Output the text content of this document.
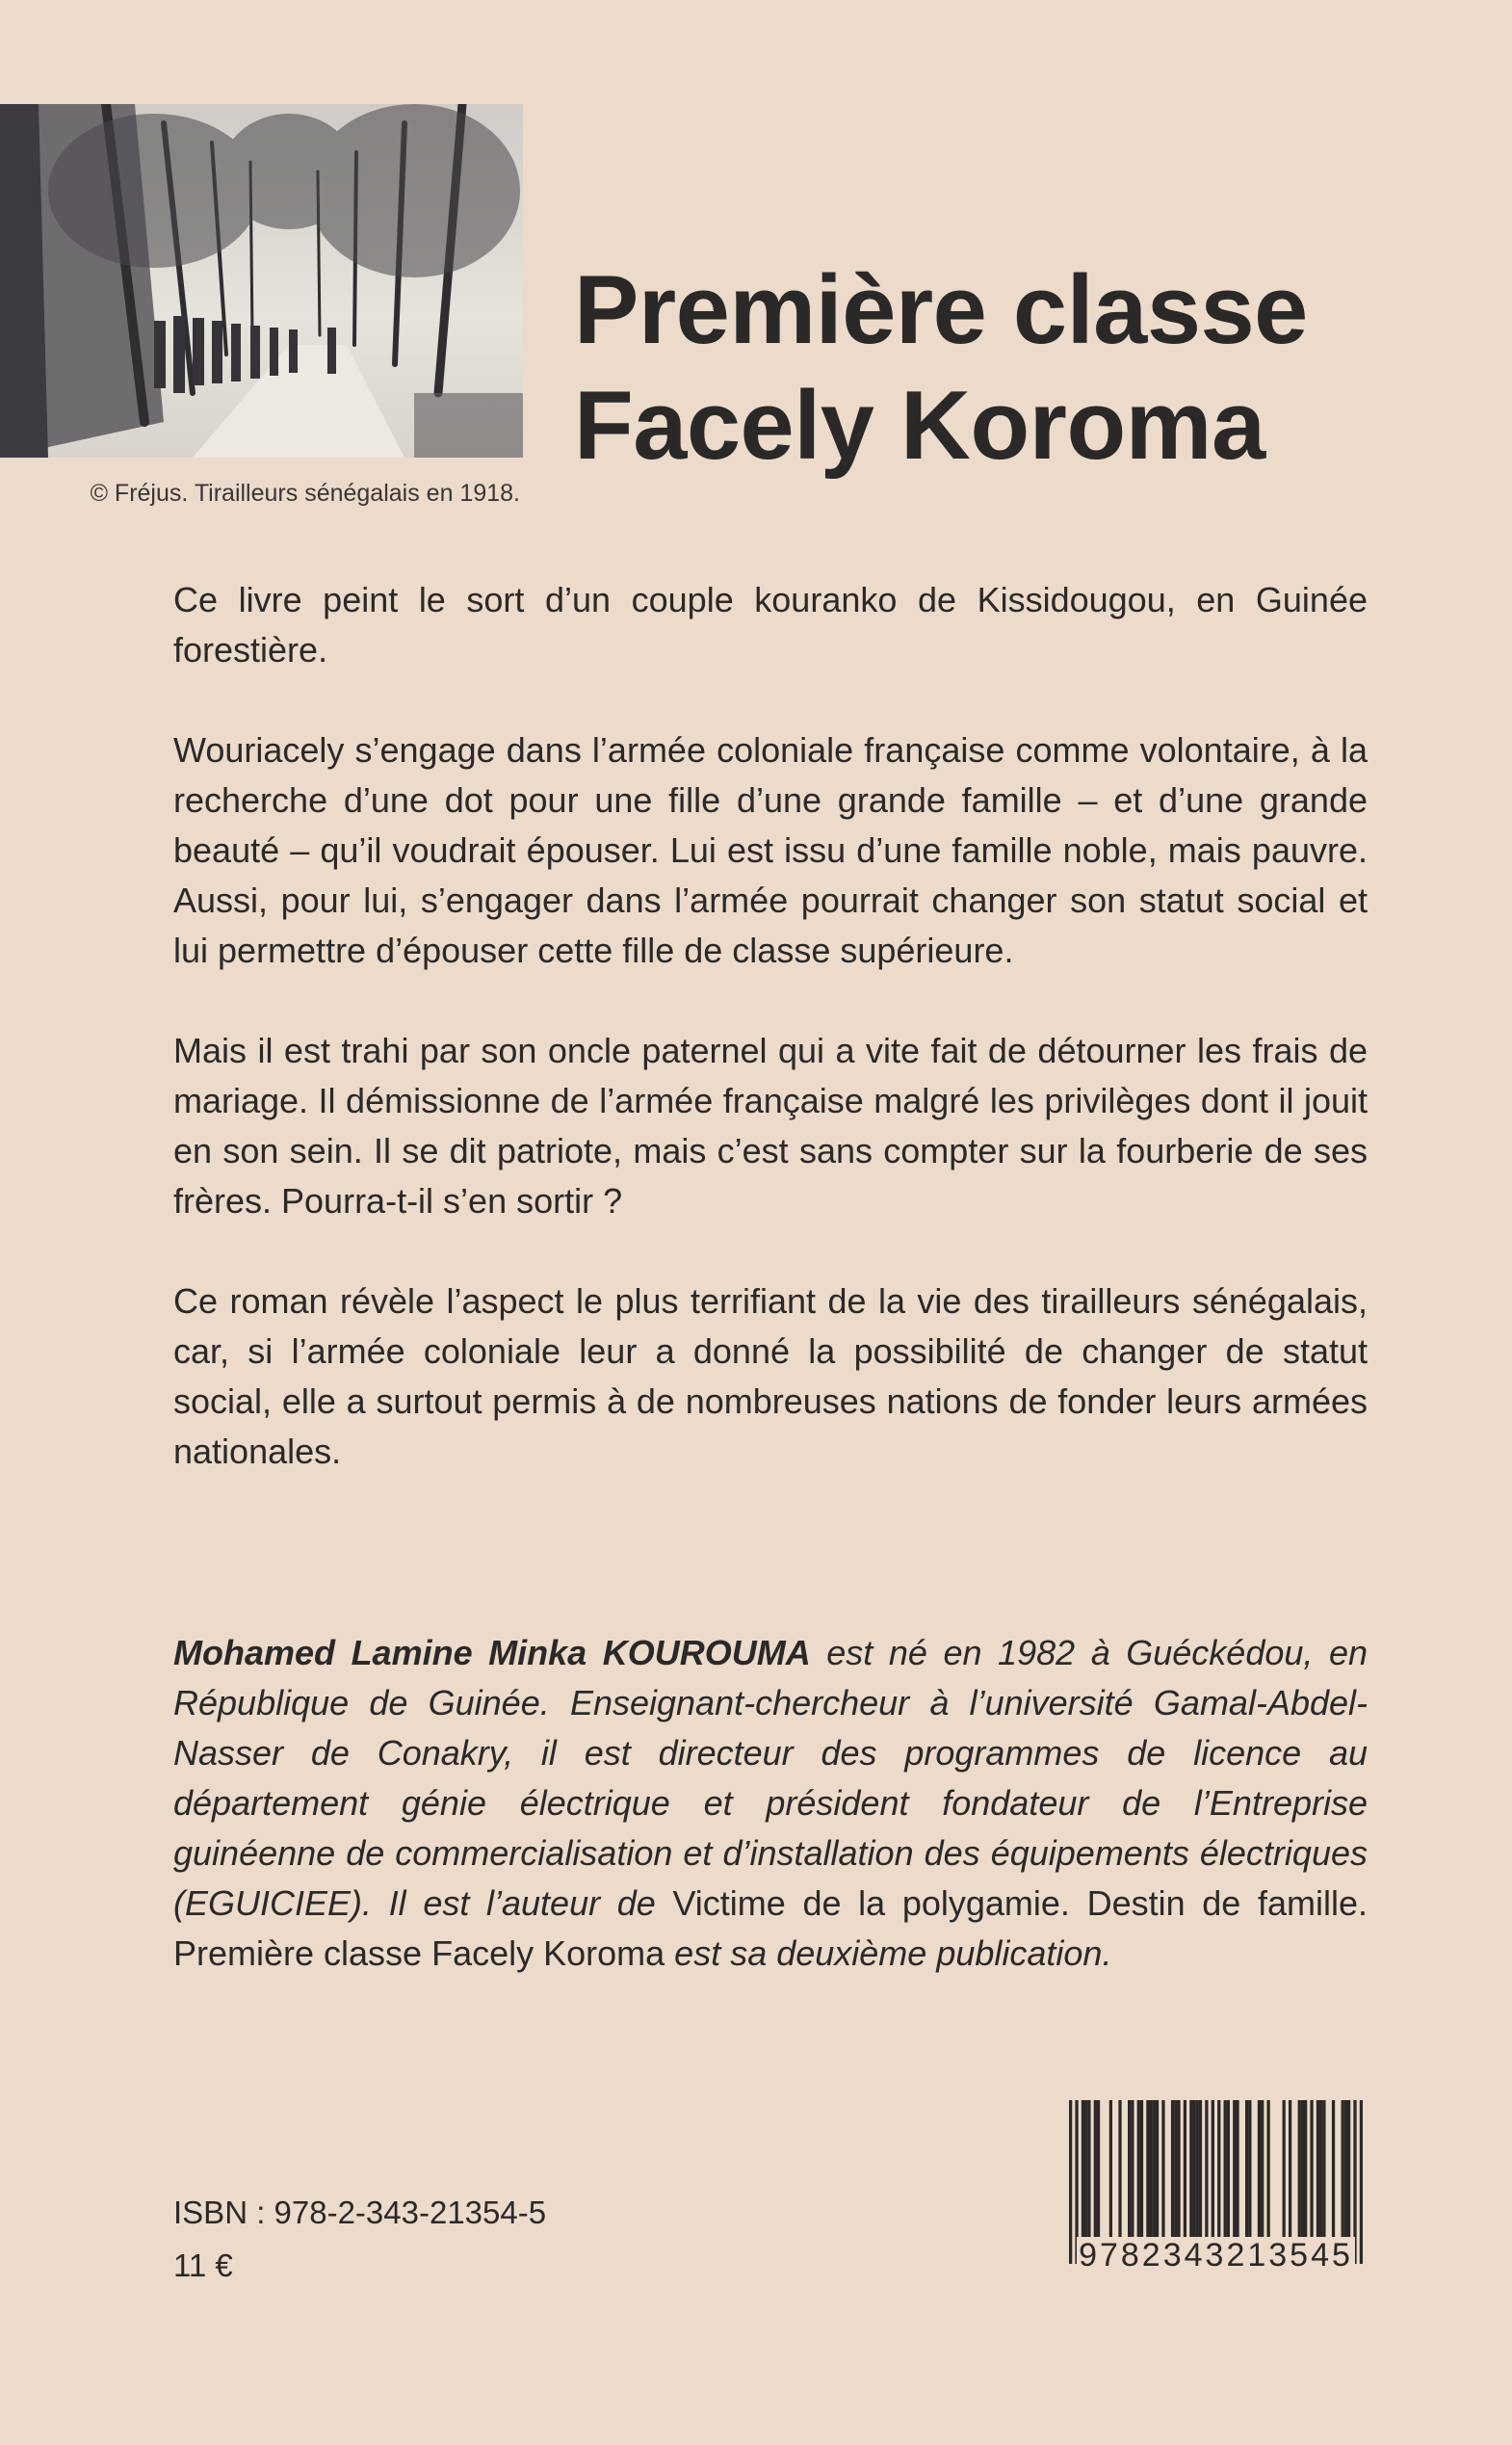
© Fréjus. Tirailleurs sénégalais en 1918.
Première classe
Facely Koroma

Ce livre peint le sort d’un couple kouranko de Kissidougou, en Guinée forestière.

Wouriacely s’engage dans l’armée coloniale française comme volontaire, à la recherche d’une dot pour une fille d’une grande famille – et d’une grande beauté – qu’il voudrait épouser. Lui est issu d’une famille noble, mais pauvre. Aussi, pour lui, s’engager dans l’armée pourrait changer son statut social et lui permettre d’épouser cette fille de classe supérieure.

Mais il est trahi par son oncle paternel qui a vite fait de détourner les frais de mariage. Il démissionne de l’armée française malgré les privilèges dont il jouit en son sein. Il se dit patriote, mais c’est sans compter sur la fourberie de ses frères. Pourra-t-il s’en sortir ?

Ce roman révèle l’aspect le plus terrifiant de la vie des tirailleurs sénégalais, car, si l’armée coloniale leur a donné la possibilité de changer de statut social, elle a surtout permis à de nombreuses nations de fonder leurs armées nationales.

Mohamed Lamine Minka KOUROUMA est né en 1982 à Guéckédou, en République de Guinée. Enseignant-chercheur à l’université Gamal-Abdel-Nasser de Conakry, il est directeur des programmes de licence au département génie électrique et président fondateur de l’Entreprise guinéenne de commercialisation et d’installation des équipements électriques (EGUICIEE). Il est l’auteur de Victime de la polygamie. Destin de famille. Première classe Facely Koroma est sa deuxième publication.
ISBN : 978-2-343-21354-5
11 €	9782343213545
